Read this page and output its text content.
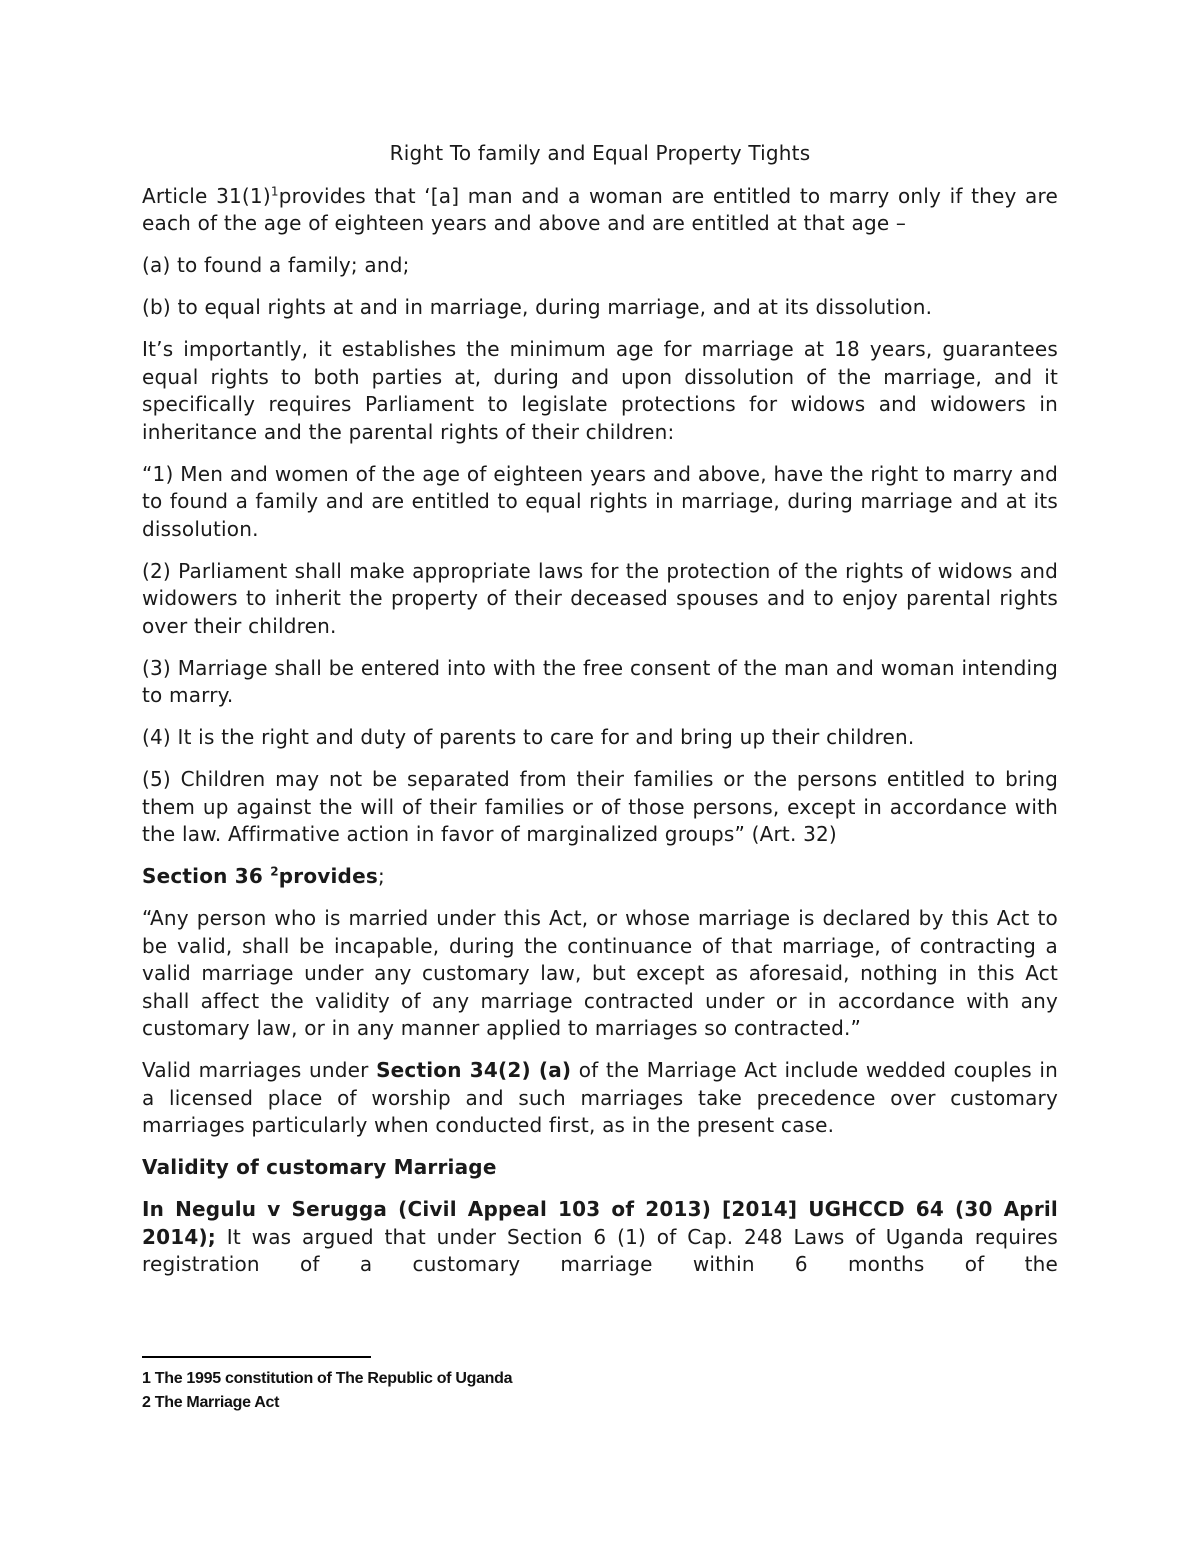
Right To family and Equal Property Tights

Article $31(1)^1provides$ that ‘[a] man and a woman are entitled to marry only if they are each of the age of eighteen years and above and are entitled at that age –

(a) to found a family; and;

(b) to equal rights at and in marriage, during marriage, and at its dissolution.

It’s importantly, it establishes the minimum age for marriage at 18 years, guarantees equal rights to both parties at, during and upon dissolution of the marriage, and it specifically requires Parliament to legislate protections for widows and widowers in inheritance and the parental rights of their children:

“1) Men and women of the age of eighteen years and above, have the right to marry and to found a family and are entitled to equal rights in marriage, during marriage and at its dissolution.

(2) Parliament shall make appropriate laws for the protection of the rights of widows and widowers to inherit the property of their deceased spouses and to enjoy parental rights over their children.

(3) Marriage shall be entered into with the free consent of the man and woman intending to marry.

(4) It is the right and duty of parents to care for and bring up their children.

(5) Children may not be separated from their families or the persons entitled to bring them up against the will of their families or of those persons, except in accordance with the law. Affirmative action in favor of marginalized groups” (Art. 32)

Section 36 $^2$provides;

“Any person who is married under this Act, or whose marriage is declared by this Act to be valid, shall be incapable, during the continuance of that marriage, of contracting a valid marriage under any customary law, but except as aforesaid, nothing in this Act shall affect the validity of any marriage contracted under or in accordance with any customary law, or in any manner applied to marriages so contracted.”

Valid marriages under Section 34(2) (a) of the Marriage Act include wedded couples in a licensed place of worship and such marriages take precedence over customary marriages particularly when conducted first, as in the present case.

Validity of customary Marriage

In Negulu v Serugga (Civil Appeal 103 of 2013) [2014] UGHCCD 64 (30 April 2014); It was argued that under Section 6 (1) of Cap. 248 Laws of Uganda requires registration of a customary marriage within 6 months of the

1 The 1995 constitution of The Republic of Uganda
2 The Marriage Act
